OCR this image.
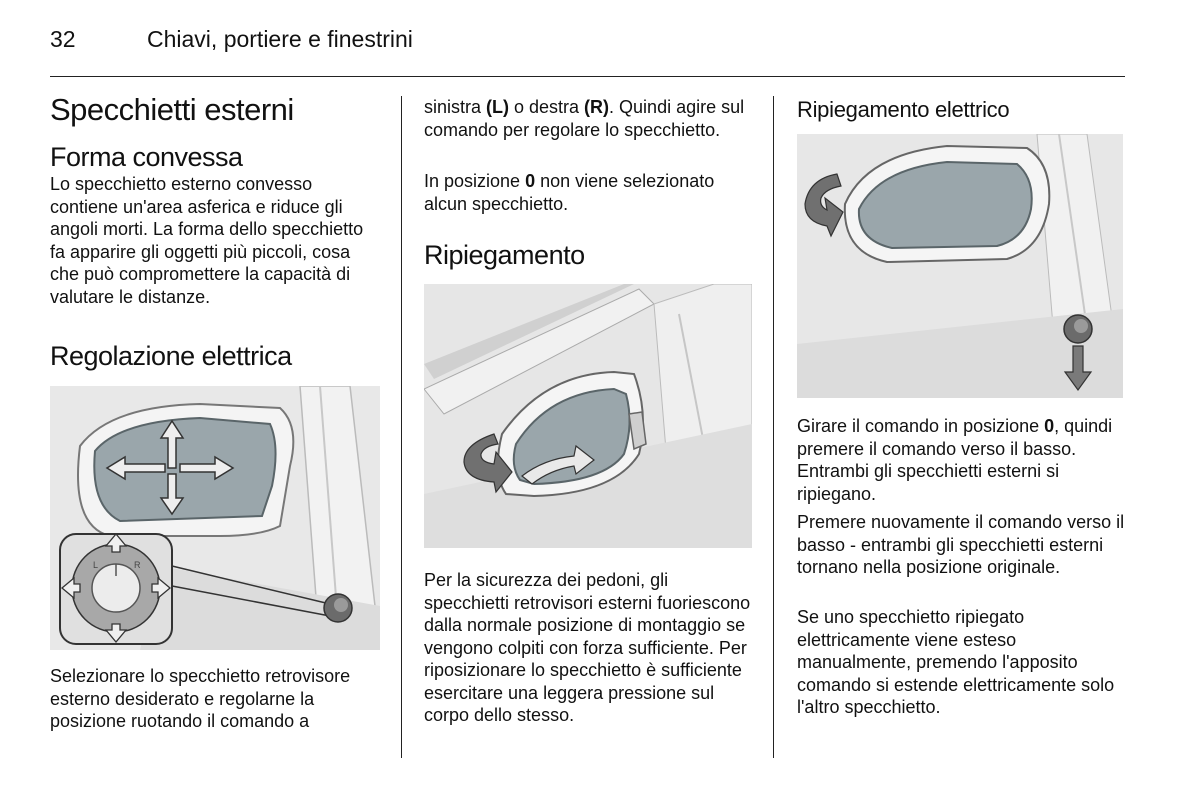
32	Chiavi, portiere e finestrini
Specchietti esterni
Forma convessa

Lo specchietto esterno convesso contiene un'area asferica e riduce gli angoli morti. La forma dello specchietto fa apparire gli oggetti più piccoli, cosa che può compromettere la capacità di valutare le distanze.

Regolazione elettrica
L	R

Selezionare lo specchietto retrovisore esterno desiderato e regolarne la posizione ruotando il comando a

sinistra (L) o destra (R). Quindi agire sul comando per regolare lo specchietto.

In posizione 0 non viene selezionato alcun specchietto.

Ripiegamento

Per la sicurezza dei pedoni, gli specchietti retrovisori esterni fuoriescono dalla normale posizione di montaggio se vengono colpiti con forza sufficiente. Per riposizionare lo specchietto è sufficiente esercitare una leggera pressione sul corpo dello stesso.

Ripiegamento elettrico

Girare il comando in posizione 0, quindi premere il comando verso il basso. Entrambi gli specchietti esterni si ripiegano.

Premere nuovamente il comando verso il basso - entrambi gli specchietti esterni tornano nella posizione originale.

Se uno specchietto ripiegato elettricamente viene esteso manualmente, premendo l'apposito comando si estende elettricamente solo l'altro specchietto.
